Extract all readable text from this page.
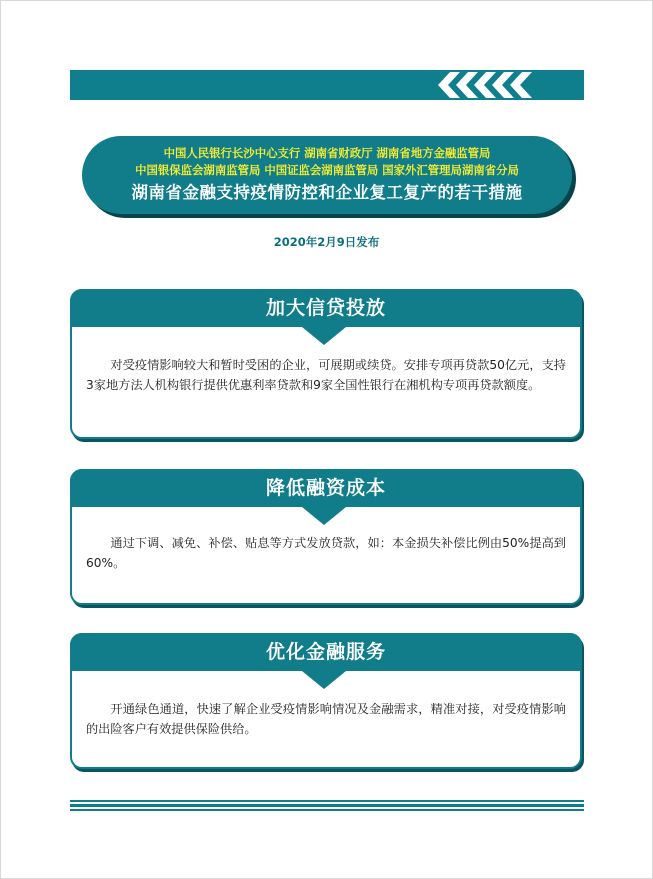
中国人民银行长沙中心支行 湖南省财政厅 湖南省地方金融监管局
中国银保监会湖南监管局 中国证监会湖南监管局 国家外汇管理局湖南省分局
湖南省金融支持疫情防控和企业复工复产的若干措施
2020年2月9日发布
加大信贷投放
对受疫情影响较大和暂时受困的企业，可展期或续贷。安排专项再贷款50亿元，支持3家地方法人机构银行提供优惠利率贷款和9家全国性银行在湘机构专项再贷款额度。
降低融资成本
通过下调、减免、补偿、贴息等方式发放贷款，如：本金损失补偿比例由50%提高到60%。
优化金融服务
开通绿色通道，快速了解企业受疫情影响情况及金融需求，精准对接，对受疫情影响的出险客户有效提供保险供给。
